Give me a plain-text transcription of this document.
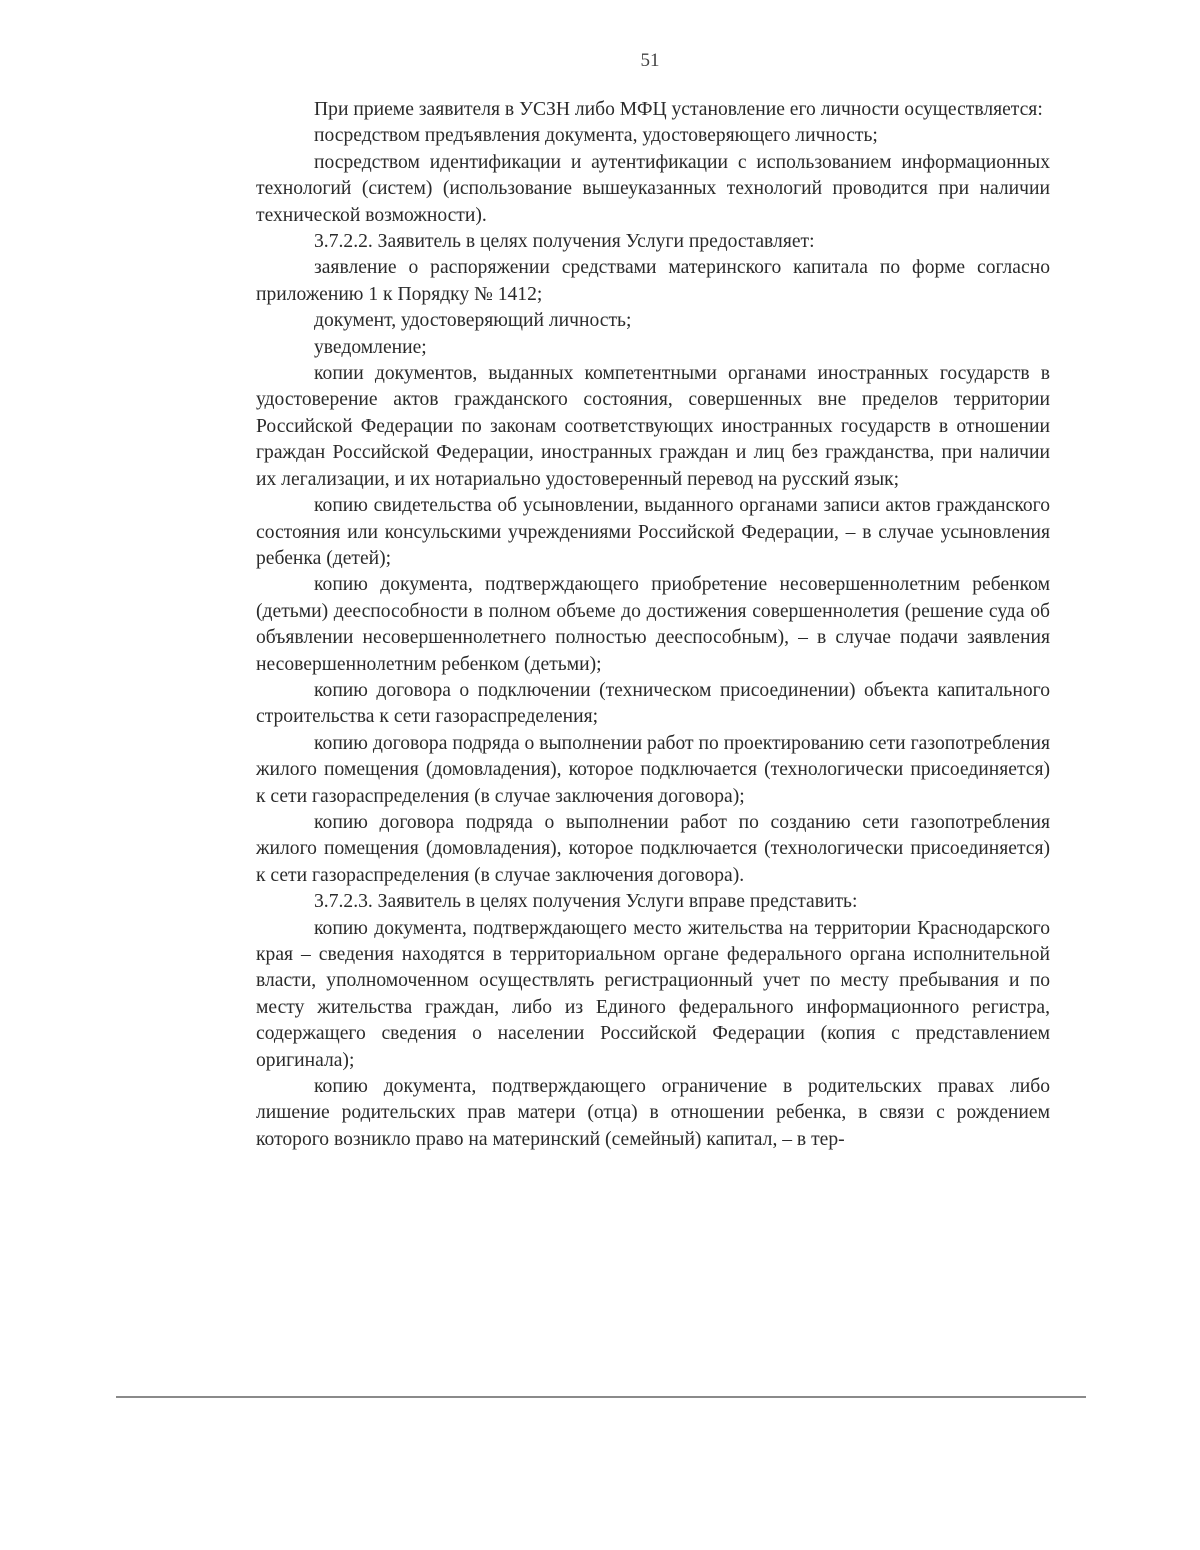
51

При приеме заявителя в УСЗН либо МФЦ установление его личности осуществляется:

посредством предъявления документа, удостоверяющего личность;

посредством идентификации и аутентификации с использованием информационных технологий (систем) (использование вышеуказанных технологий проводится при наличии технической возможности).

3.7.2.2. Заявитель в целях получения Услуги предоставляет:

заявление о распоряжении средствами материнского капитала по форме согласно приложению 1 к Порядку № 1412;

документ, удостоверяющий личность;

уведомление;

копии документов, выданных компетентными органами иностранных государств в удостоверение актов гражданского состояния, совершенных вне пределов территории Российской Федерации по законам соответствующих иностранных государств в отношении граждан Российской Федерации, иностранных граждан и лиц без гражданства, при наличии их легализации, и их нотариально удостоверенный перевод на русский язык;

копию свидетельства об усыновлении, выданного органами записи актов гражданского состояния или консульскими учреждениями Российской Федерации, – в случае усыновления ребенка (детей);

копию документа, подтверждающего приобретение несовершеннолетним ребенком (детьми) дееспособности в полном объеме до достижения совершеннолетия (решение суда об объявлении несовершеннолетнего полностью дееспособным), – в случае подачи заявления несовершеннолетним ребенком (детьми);

копию договора о подключении (техническом присоединении) объекта капитального строительства к сети газораспределения;

копию договора подряда о выполнении работ по проектированию сети газопотребления жилого помещения (домовладения), которое подключается (технологически присоединяется) к сети газораспределения (в случае заключения договора);

копию договора подряда о выполнении работ по созданию сети газопотребления жилого помещения (домовладения), которое подключается (технологически присоединяется) к сети газораспределения (в случае заключения договора).

3.7.2.3. Заявитель в целях получения Услуги вправе представить:

копию документа, подтверждающего место жительства на территории Краснодарского края – сведения находятся в территориальном органе федерального органа исполнительной власти, уполномоченном осуществлять регистрационный учет по месту пребывания и по месту жительства граждан, либо из Единого федерального информационного регистра, содержащего сведения о населении Российской Федерации (копия с представлением оригинала);

копию документа, подтверждающего ограничение в родительских правах либо лишение родительских прав матери (отца) в отношении ребенка, в связи с рождением которого возникло право на материнский (семейный) капитал, – в тер-
